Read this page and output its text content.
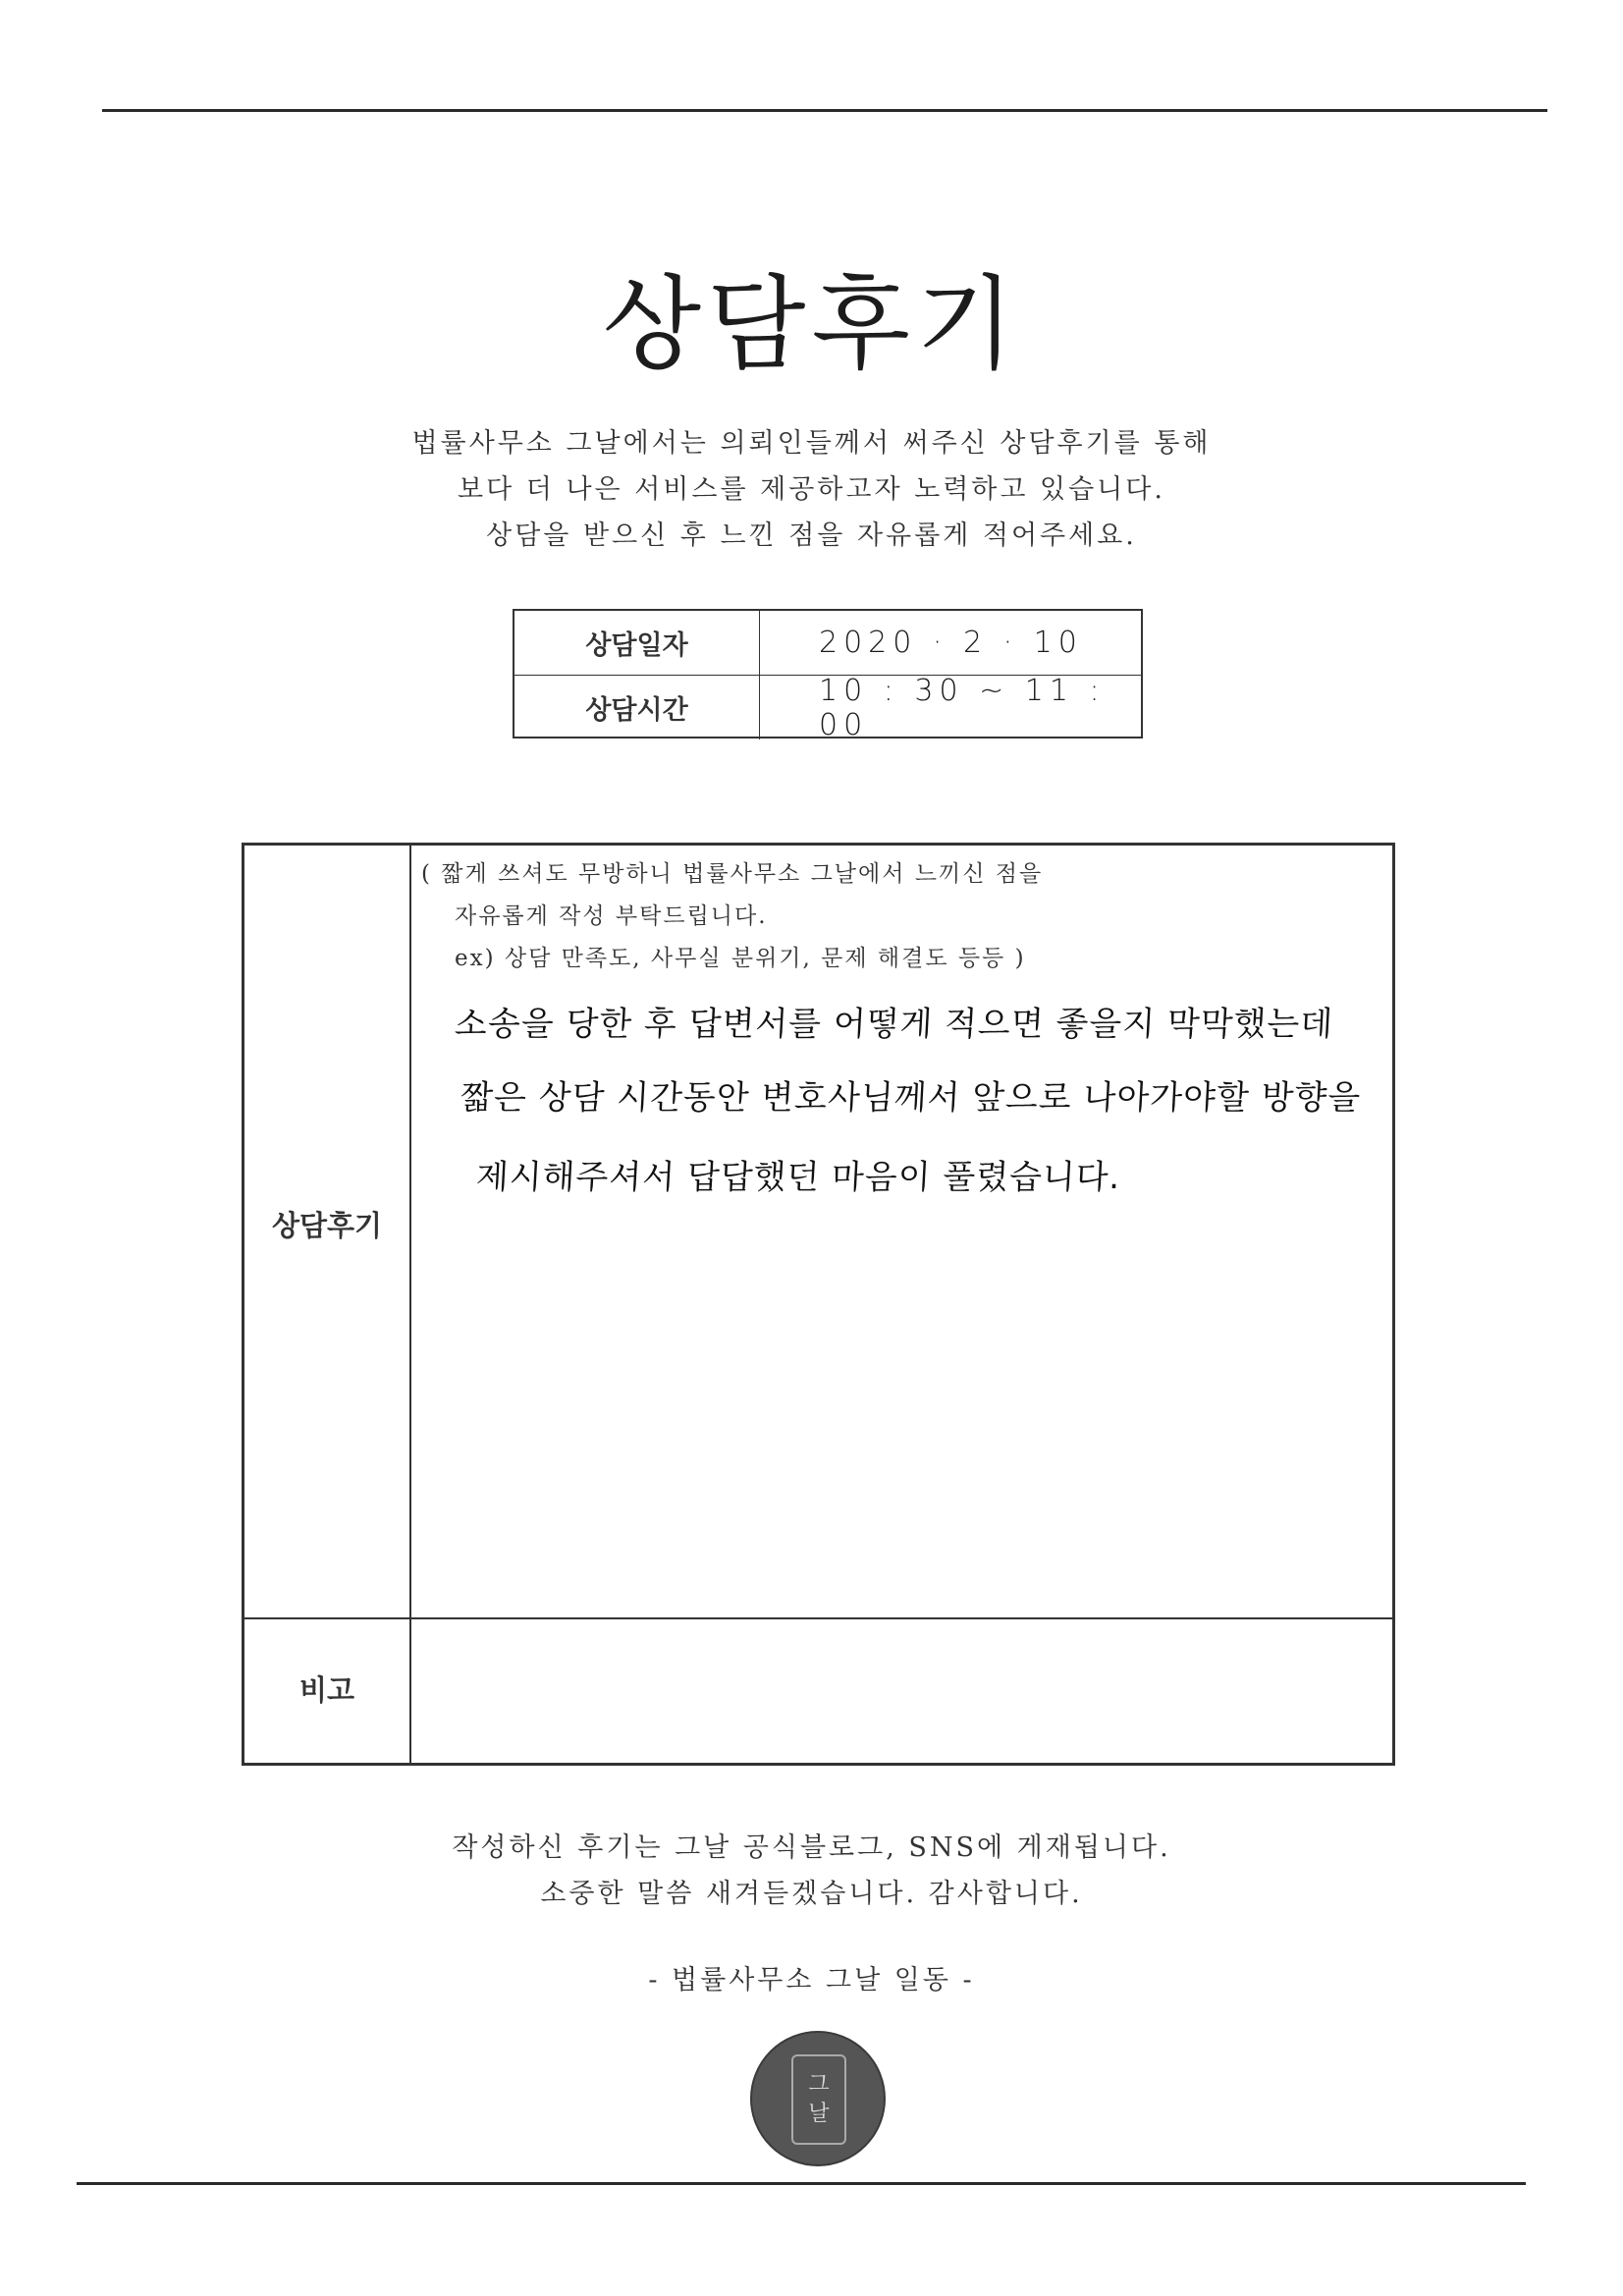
상담후기
법률사무소 그날에서는 의뢰인들께서 써주신 상담후기를 통해
보다 더 나은 서비스를 제공하고자 노력하고 있습니다.
상담을 받으신 후 느낀 점을 자유롭게 적어주세요.
상담일자	2020 · 2 · 10
상담시간
10 : 30 ~ 11 : 00
상담후기
비고
( 짧게 쓰셔도 무방하니 법률사무소 그날에서 느끼신 점을
자유롭게 작성 부탁드립니다.
ex) 상담 만족도, 사무실 분위기, 문제 해결도 등등 )
소송을 당한 후 답변서를 어떻게 적으면 좋을지 막막했는데
짧은 상담 시간동안 변호사님께서 앞으로 나아가야할 방향을
제시해주셔서 답답했던 마음이 풀렸습니다.
작성하신 후기는 그날 공식블로그, SNS에 게재됩니다.
소중한 말씀 새겨듣겠습니다. 감사합니다.
- 법률사무소 그날 일동 -
그
날
